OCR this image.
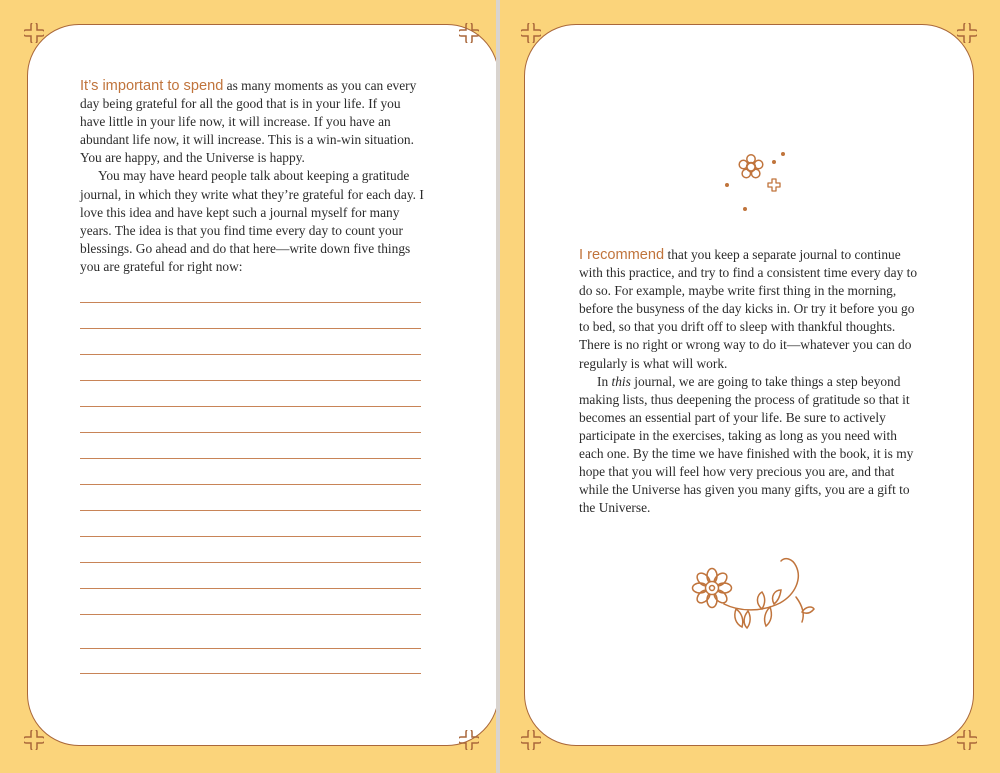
It’s important to spend as many moments as you can every day being grateful for all the good that is in your life. If you have little in your life now, it will increase. If you have an abundant life now, it will increase. This is a win-win situation. You are happy, and the Universe is happy.

You may have heard people talk about keeping a gratitude journal, in which they write what they’re grateful for each day. I love this idea and have kept such a journal myself for many years. The idea is that you find time every day to count your blessings. Go ahead and do that here—write down five things you are grateful for right now:

I recommend that you keep a separate journal to continue with this practice, and try to find a consistent time every day to do so. For example, maybe write first thing in the morning, before the busyness of the day kicks in. Or try it before you go to bed, so that you drift off to sleep with thankful thoughts. There is no right or wrong way to do it—whatever you can do regularly is what will work.

In this journal, we are going to take things a step beyond making lists, thus deepening the process of gratitude so that it becomes an essential part of your life. Be sure to actively participate in the exercises, taking as long as you need with each one. By the time we have finished with the book, it is my hope that you will feel how very precious you are, and that while the Universe has given you many gifts, you are a gift to the Universe.
